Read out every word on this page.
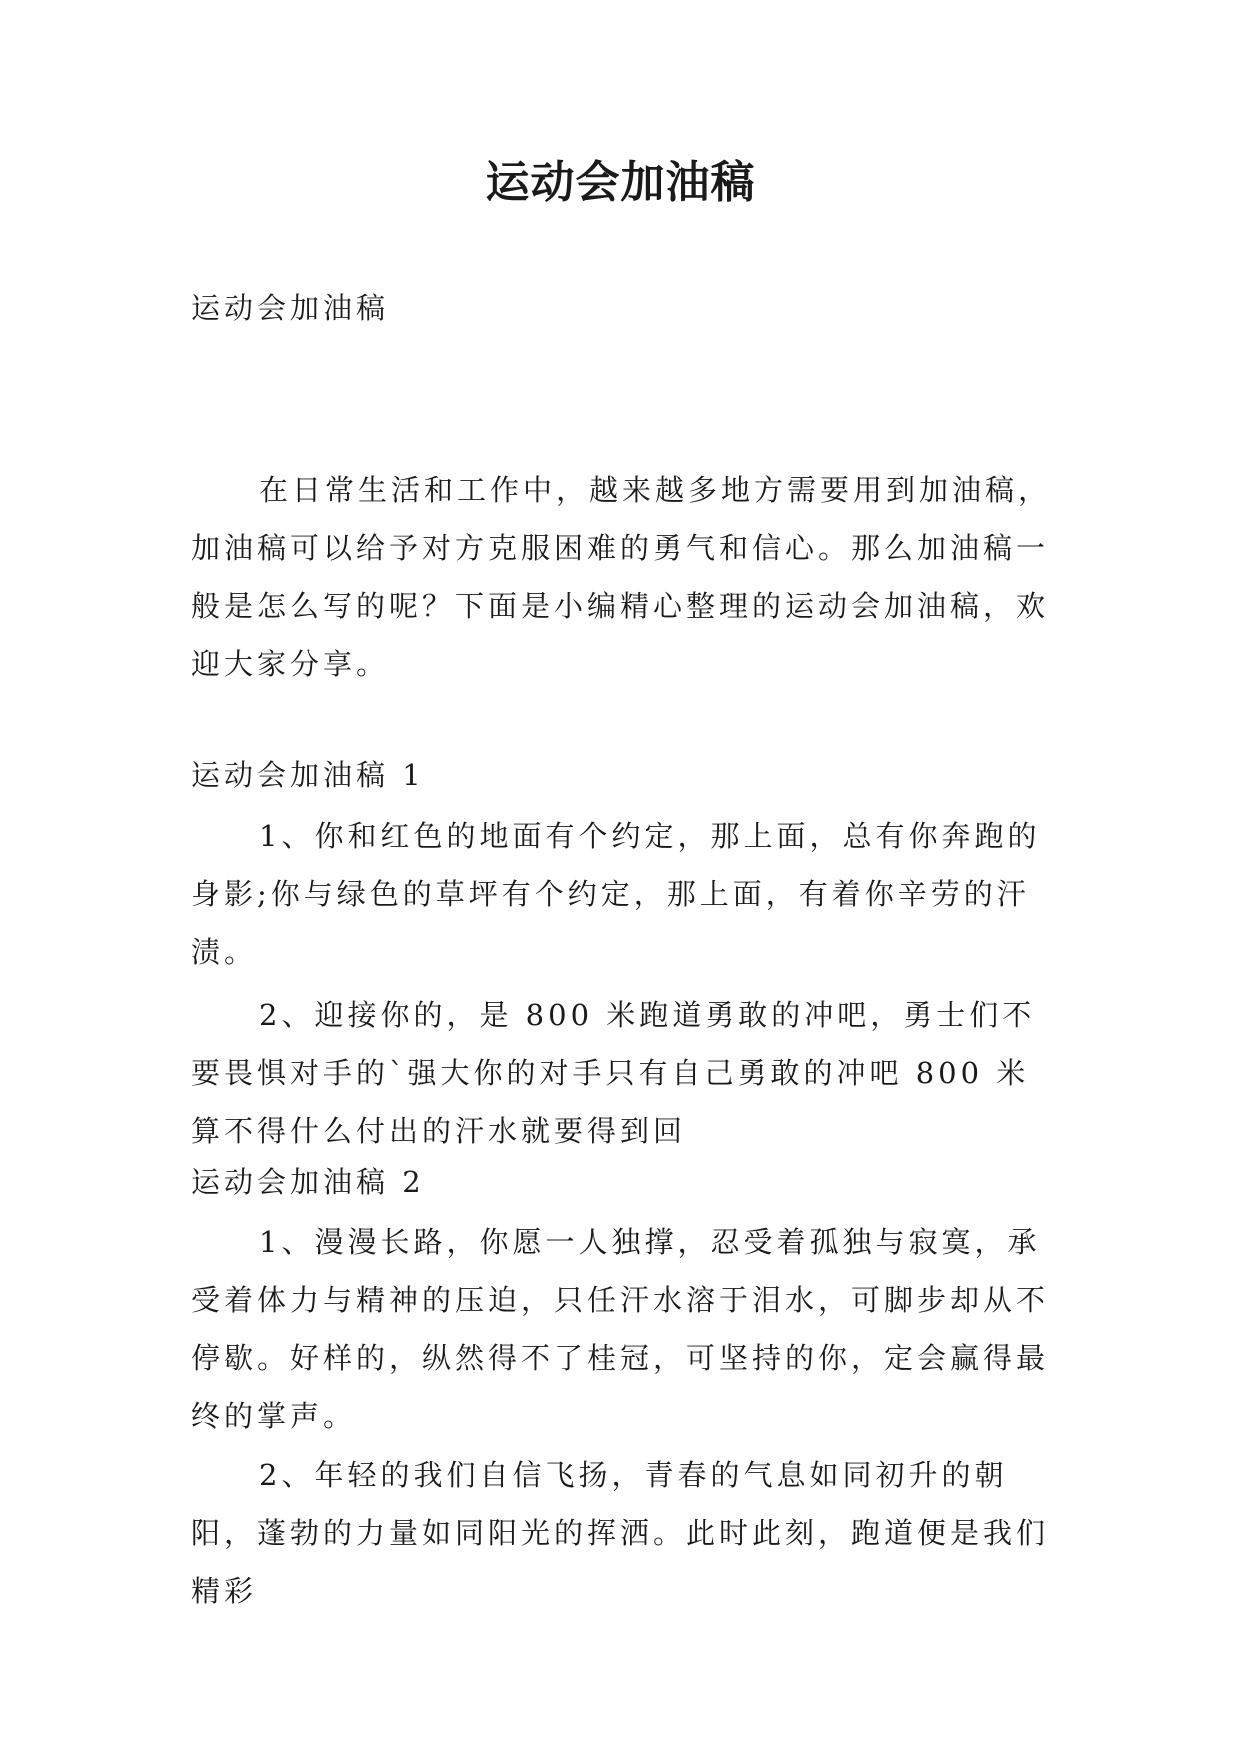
运动会加油稿

运动会加油稿

在日常生活和工作中，越来越多地方需要用到加油稿，加油稿可以给予对方克服困难的勇气和信心。那么加油稿一般是怎么写的呢？下面是小编精心整理的运动会加油稿，欢迎大家分享。

运动会加油稿 1

1、你和红色的地面有个约定，那上面，总有你奔跑的身影;你与绿色的草坪有个约定，那上面，有着你辛劳的汗渍。

2、迎接你的，是 800 米跑道勇敢的冲吧，勇士们不要畏惧对手的`强大你的对手只有自己勇敢的冲吧 800 米算不得什么付出的汗水就要得到回

运动会加油稿 2

1、漫漫长路，你愿一人独撑，忍受着孤独与寂寞，承受着体力与精神的压迫，只任汗水溶于泪水，可脚步却从不停歇。好样的，纵然得不了桂冠，可坚持的你，定会赢得最终的掌声。

2、年轻的我们自信飞扬，青春的气息如同初升的朝阳，蓬勃的力量如同阳光的挥洒。此时此刻，跑道便是我们精彩
